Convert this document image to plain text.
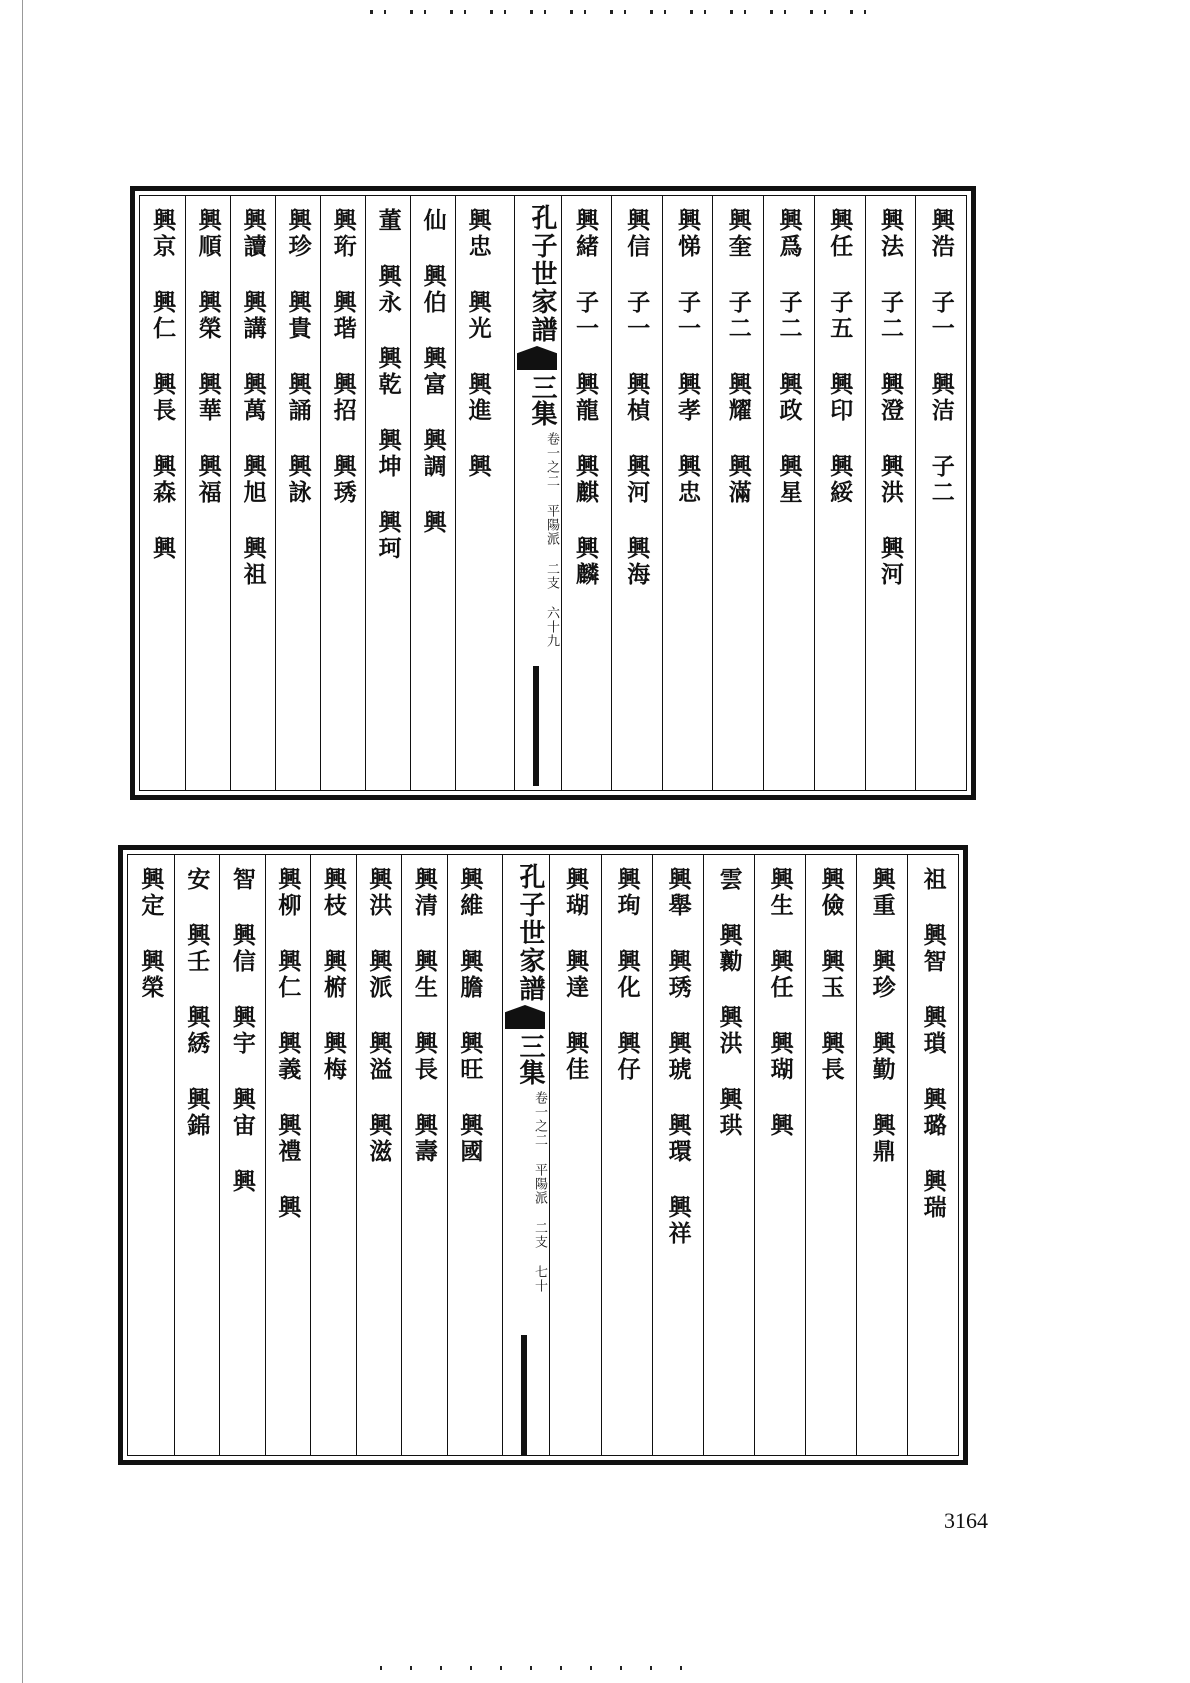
興浩 子一 興洁 子二
興法 子二 興澄 興洪 興河
興任 子五 興印 興綏
興爲 子二 興政 興星
興奎 子二 興耀 興滿
興悌 子一 興孝 興忠
興信 子一 興楨 興河 興海
興緒 子一 興龍 興麒 興麟
孔子世家譜
三集
卷一之二 平陽派 二支 六十九
興忠 興光 興進 興
仙 興伯 興富 興調 興
董 興永 興乾 興坤 興珂
興珩 興瑎 興招 興琇
興珍 興貴 興誦 興詠
興讀 興講 興萬 興旭 興祖
興順 興榮 興華 興福
興京 興仁 興長 興森 興
祖 興智 興瑣 興璐 興瑞
興重 興珍 興勤 興鼎
興儉 興玉 興長
興生 興任 興瑚 興
雲 興勷 興洪 興珙
興舉 興琇 興琥 興環 興祥
興珣 興化 興仔
興瑚 興達 興佳
孔子世家譜
三集
卷一之二 平陽派 二支 七十
興維 興膽 興旺 興國
興清 興生 興長 興壽
興洪 興派 興溢 興滋
興枝 興椨 興梅
興柳 興仁 興義 興禮 興
智 興信 興宇 興宙 興
安 興壬 興綉 興錦
興定 興榮
3164
